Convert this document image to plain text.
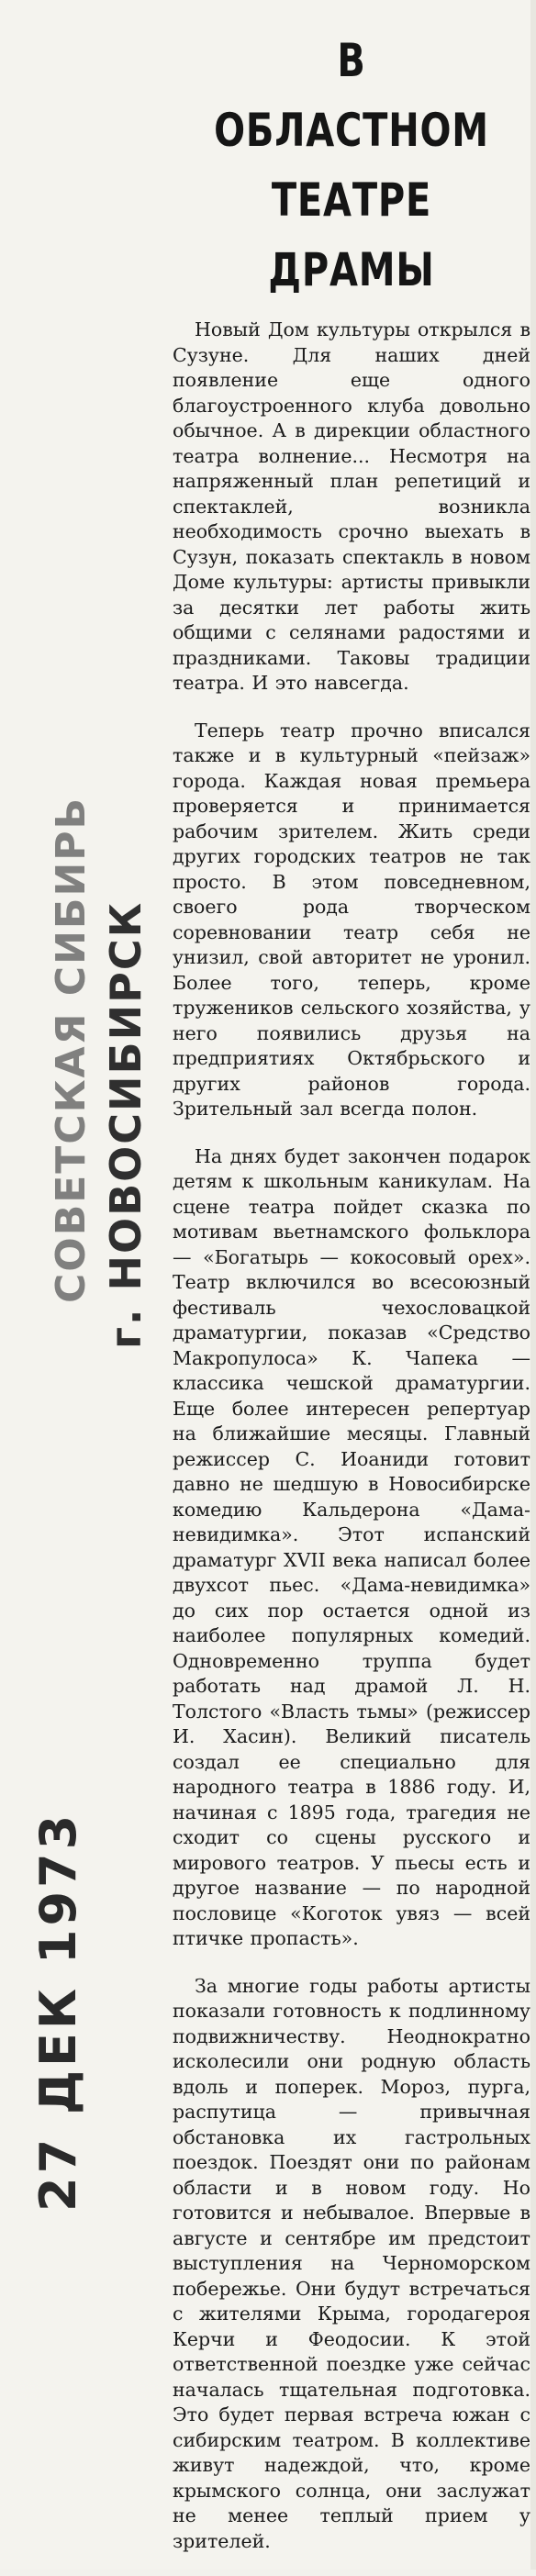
СОВЕТСКАЯ СИБИРЬ г. НОВОСИБИРСК
27 ДЕК 1973
В ОБЛАСТНОМ ТЕАТРЕ ДРАМЫ

Новый Дом культуры открылся в Сузуне. Для наших дней появление еще одного благоустроенного клуба довольно обычное. А в дирекции областного театра волнение... Несмотря на напряженный план репетиций и спектаклей, возникла необходимость срочно выехать в Сузун, показать спектакль в новом Доме культуры: артисты привыкли за десятки лет работы жить общими с селянами радостями и праздниками. Таковы традиции театра. И это навсегда.

Теперь театр прочно вписался также и в культурный «пейзаж» города. Каждая новая премьера проверяется и принимается рабочим зрителем. Жить среди других городских театров не так просто. В этом повседневном, своего рода творческом соревновании театр себя не унизил, свой авторитет не уронил. Более того, теперь, кроме тружеников сельского хозяйства, у него появились друзья на предприятиях Октябрьского и других районов города. Зрительный зал всегда полон.

На днях будет закончен подарок детям к школьным каникулам. На сцене театра пойдет сказка по мотивам вьетнамского фольклора — «Богатырь — кокосовый орех». Театр включился во всесоюзный фестиваль чехословацкой драматургии, показав «Средство Макропулоса» К. Чапека — классика чешской драматургии. Еще более интересен репертуар на ближайшие месяцы. Главный режиссер С. Иоаниди готовит давно не шедшую в Новосибирске комедию Кальдерона «Дама-невидимка». Этот испанский драматург XVII века написал более двухсот пьес. «Дама-невидимка» до сих пор остается одной из наиболее популярных комедий. Одновременно труппа будет работать над драмой Л. Н. Толстого «Власть тьмы» (режиссер И. Хасин). Великий писатель создал ее специально для народного театра в 1886 году. И, начиная с 1895 года, трагедия не сходит со сцены русского и мирового театров. У пьесы есть и другое название — по народной пословице «Коготок увяз — всей птичке пропасть».

За многие годы работы артисты показали готовность к подлинному подвижничеству. Неоднократно исколесили они родную область вдоль и поперек. Мороз, пурга, распутица — привычная обстановка их гастрольных поездок. Поездят они по районам области и в новом году. Но готовится и небывалое. Впервые в августе и сентябре им предстоит выступления на Черноморском побережье. Они будут встречаться с жителями Крыма, городагероя Керчи и Феодосии. К этой ответственной поездке уже сейчас началась тщательная подготовка. Это будет первая встреча южан с сибирским театром. В коллективе живут надеждой, что, кроме крымского солнца, они заслужат не менее теплый прием у зрителей.
